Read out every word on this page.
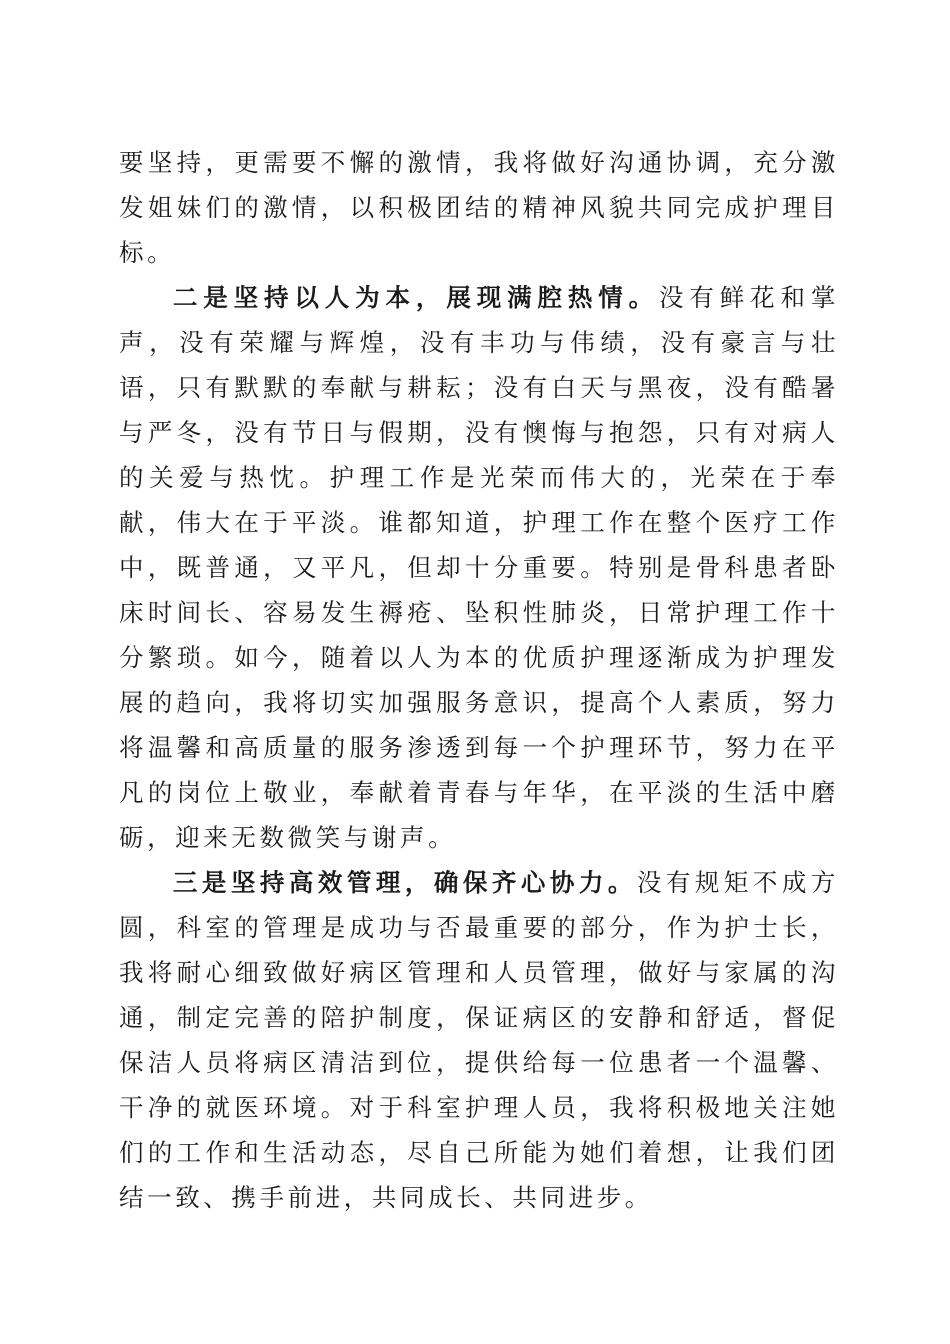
要坚持，更需要不懈的激情，我将做好沟通协调，充分激发姐妹们的激情，以积极团结的精神风貌共同完成护理目标。

二是坚持以人为本，展现满腔热情。没有鲜花和掌声，没有荣耀与辉煌，没有丰功与伟绩，没有豪言与壮语，只有默默的奉献与耕耘；没有白天与黑夜，没有酷暑与严冬，没有节日与假期，没有懊悔与抱怨，只有对病人的关爱与热忱。护理工作是光荣而伟大的，光荣在于奉献，伟大在于平淡。谁都知道，护理工作在整个医疗工作中，既普通，又平凡，但却十分重要。特别是骨科患者卧床时间长、容易发生褥疮、坠积性肺炎，日常护理工作十分繁琐。如今，随着以人为本的优质护理逐渐成为护理发展的趋向，我将切实加强服务意识，提高个人素质，努力将温馨和高质量的服务渗透到每一个护理环节，努力在平凡的岗位上敬业，奉献着青春与年华，在平淡的生活中磨砺，迎来无数微笑与谢声。

三是坚持高效管理，确保齐心协力。没有规矩不成方圆，科室的管理是成功与否最重要的部分，作为护士长，我将耐心细致做好病区管理和人员管理，做好与家属的沟通，制定完善的陪护制度，保证病区的安静和舒适，督促保洁人员将病区清洁到位，提供给每一位患者一个温馨、干净的就医环境。对于科室护理人员，我将积极地关注她们的工作和生活动态，尽自己所能为她们着想，让我们团结一致、携手前进，共同成长、共同进步。
